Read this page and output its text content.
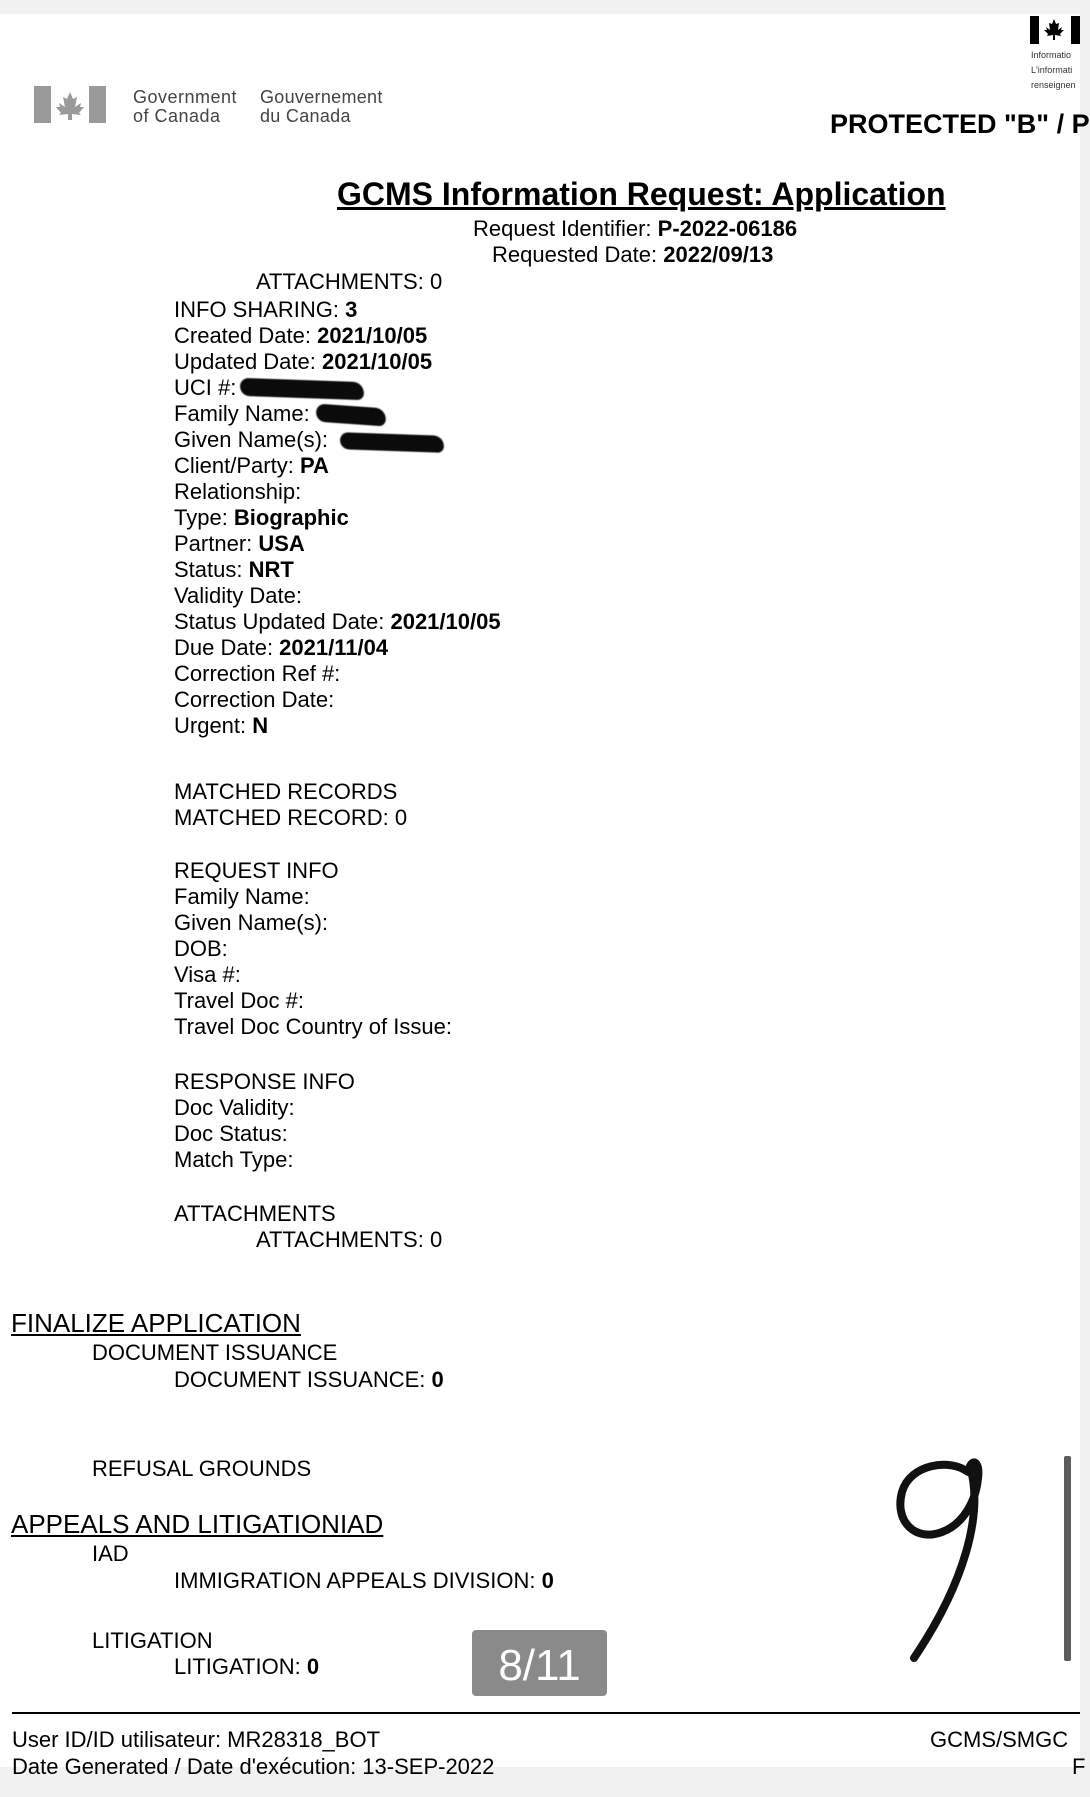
Government
of Canada
Gouvernement
du Canada
Informatio
L'informati
renseignen
PROTECTED "B" / P
GCMS Information Request: Application
Request Identifier: P-2022-06186
Requested Date: 2022/09/13
ATTACHMENTS: 0
INFO SHARING: 3
Created Date: 2021/10/05
Updated Date: 2021/10/05
UCI #:
Family Name:
Given Name(s):
Client/Party: PA
Relationship:
Type: Biographic
Partner: USA
Status: NRT
Validity Date:
Status Updated Date: 2021/10/05
Due Date: 2021/11/04
Correction Ref #:
Correction Date:
Urgent: N
MATCHED RECORDS
MATCHED RECORD: 0
REQUEST INFO
Family Name:
Given Name(s):
DOB:
Visa #:
Travel Doc #:
Travel Doc Country of Issue:
RESPONSE INFO
Doc Validity:
Doc Status:
Match Type:
ATTACHMENTS
ATTACHMENTS: 0
FINALIZE APPLICATION
DOCUMENT ISSUANCE
DOCUMENT ISSUANCE: 0
REFUSAL GROUNDS
APPEALS AND LITIGATIONIAD
IAD
IMMIGRATION APPEALS DIVISION: 0
LITIGATION
LITIGATION: 0
User ID/ID utilisateur: MR28318_BOT
Date Generated / Date d'exécution: 13-SEP-2022
GCMS/SMGC
F
8/11
